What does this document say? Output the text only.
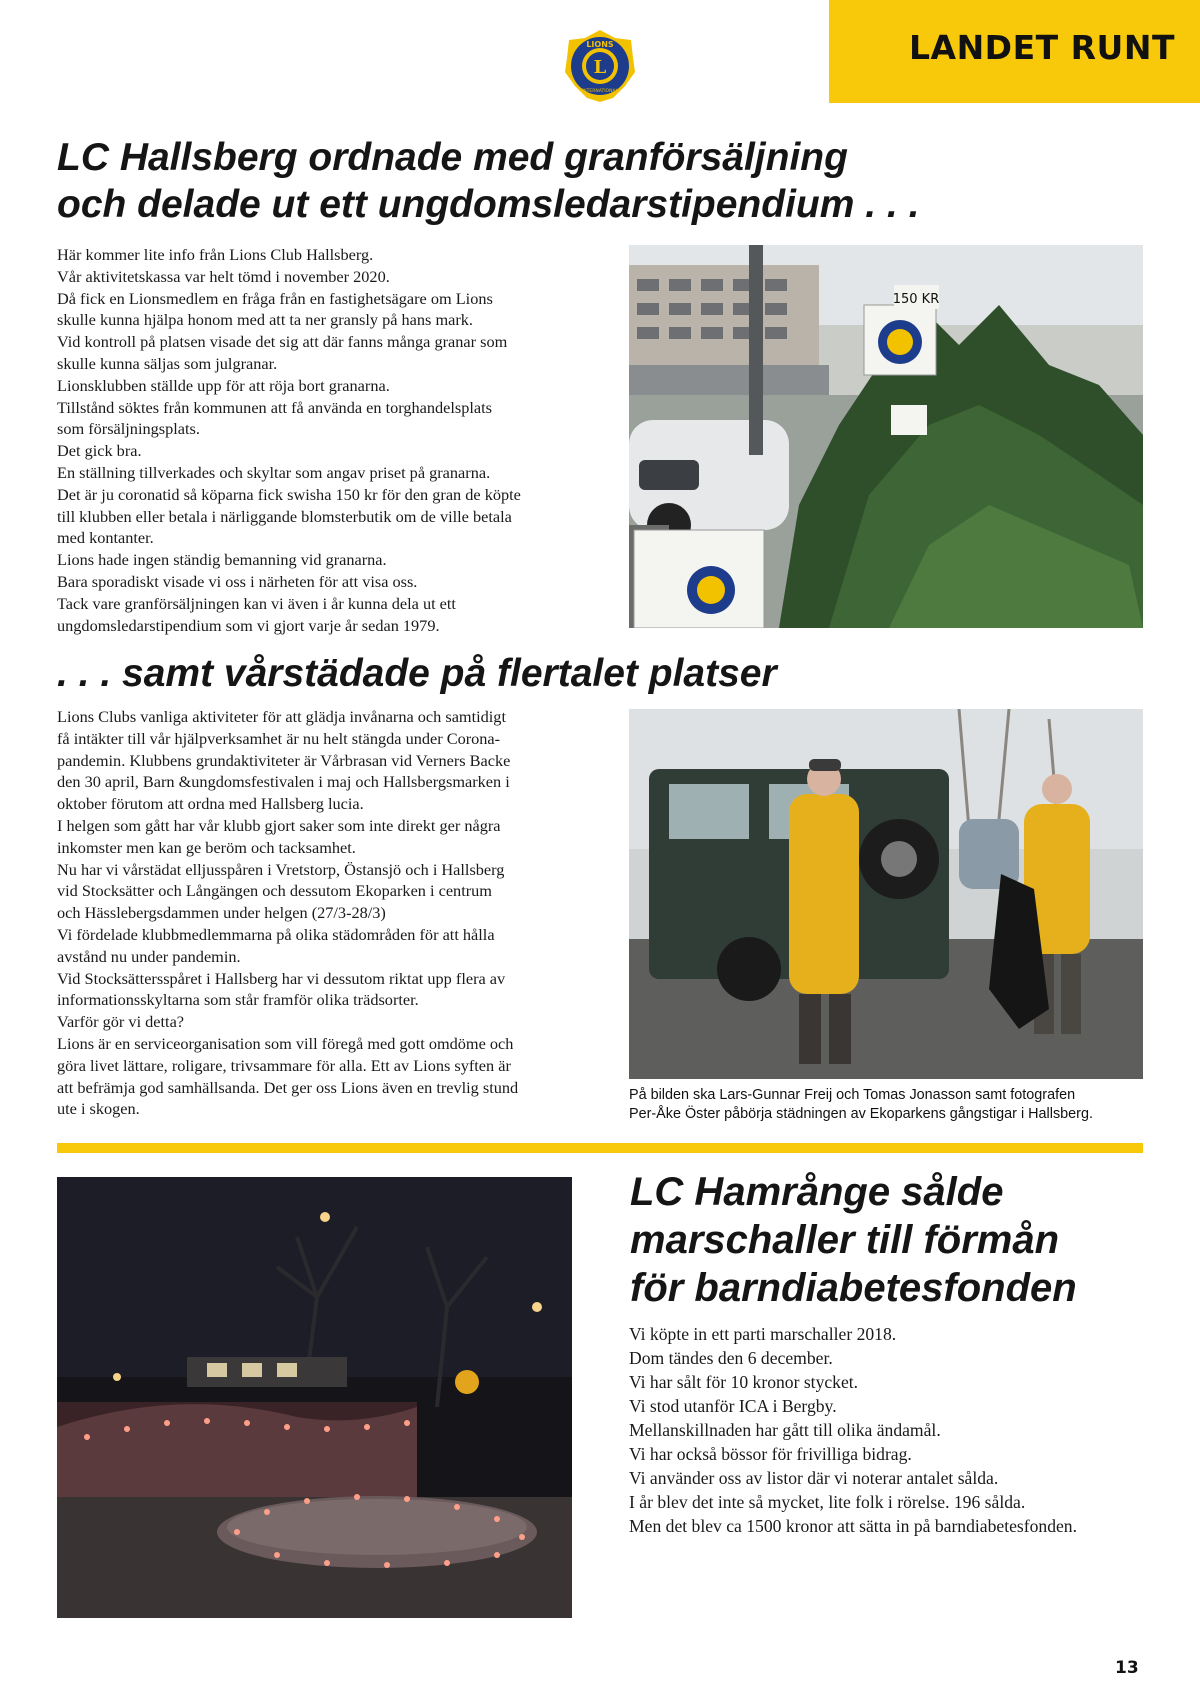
LANDET RUNT
LIONS
INTERNATIONAL
L
LC Hallsberg ordnade med granförsäljning
och delade ut ett ungdomsledarstipendium . . .
Här kommer lite info från Lions Club Hallsberg.
Vår aktivitetskassa var helt tömd i november 2020.
Då fick en Lionsmedlem en fråga från en fastighetsägare om Lions
skulle kunna hjälpa honom med att ta ner gransly på hans mark.
Vid kontroll på platsen visade det sig att där fanns många granar som
skulle kunna säljas som julgranar.
Lionsklubben ställde upp för att röja bort granarna.
Tillstånd söktes från kommunen att få använda en torghandelsplats
som försäljningsplats.
Det gick bra.
En ställning tillverkades och skyltar som angav priset på granarna.
Det är ju coronatid så köparna fick swisha 150 kr för den gran de köpte
till klubben eller betala i närliggande blomsterbutik om de ville betala
med kontanter.
Lions hade ingen ständig bemanning vid granarna.
Bara sporadiskt visade vi oss i närheten för att visa oss.
Tack vare granförsäljningen kan vi även i år kunna dela ut ett
ungdomsledarstipendium som vi gjort varje år sedan 1979.
150 KR
. . . samt vårstädade på flertalet platser
Lions Clubs vanliga aktiviteter för att glädja invånarna och samtidigt
få intäkter till vår hjälpverksamhet är nu helt stängda under Corona-
pandemin. Klubbens grundaktiviteter är Vårbrasan vid Verners Backe
den 30 april, Barn &ungdomsfestivalen i maj och Hallsbergsmarken i
oktober förutom att ordna med Hallsberg lucia.
I helgen som gått har vår klubb gjort saker som inte direkt ger några
inkomster men kan ge beröm och tacksamhet.
Nu har vi vårstädat elljusspåren i Vretstorp, Östansjö och i Hallsberg
vid Stocksätter och Långängen och dessutom Ekoparken i centrum
och Hässlebergsdammen under helgen (27/3-28/3)
Vi fördelade klubbmedlemmarna på olika städområden för att hålla
avstånd nu under pandemin.
Vid Stocksättersspåret i Hallsberg har vi dessutom riktat upp flera av
informationsskyltarna som står framför olika trädsorter.
Varför gör vi detta?
Lions är en serviceorganisation som vill föregå med gott omdöme och
göra livet lättare, roligare, trivsammare för alla. Ett av Lions syften är
att befrämja god samhällsanda. Det ger oss Lions även en trevlig stund
ute i skogen.
På bilden ska Lars-Gunnar Freij och Tomas Jonasson samt fotografen
Per-Åke Öster påbörja städningen av Ekoparkens gångstigar i Hallsberg.
LC Hamrånge sålde
marschaller till förmån
för barndiabetesfonden
Vi köpte in ett parti marschaller 2018.
Dom tändes den 6 december.
Vi har sålt för 10 kronor stycket.
Vi stod utanför ICA i Bergby.
Mellanskillnaden har gått till olika ändamål.
Vi har också bössor för frivilliga bidrag.
Vi använder oss av listor där vi noterar antalet sålda.
I år blev det inte så mycket, lite folk i rörelse. 196 sålda.
Men det blev ca 1500 kronor att sätta in på barndiabetesfonden.
13
